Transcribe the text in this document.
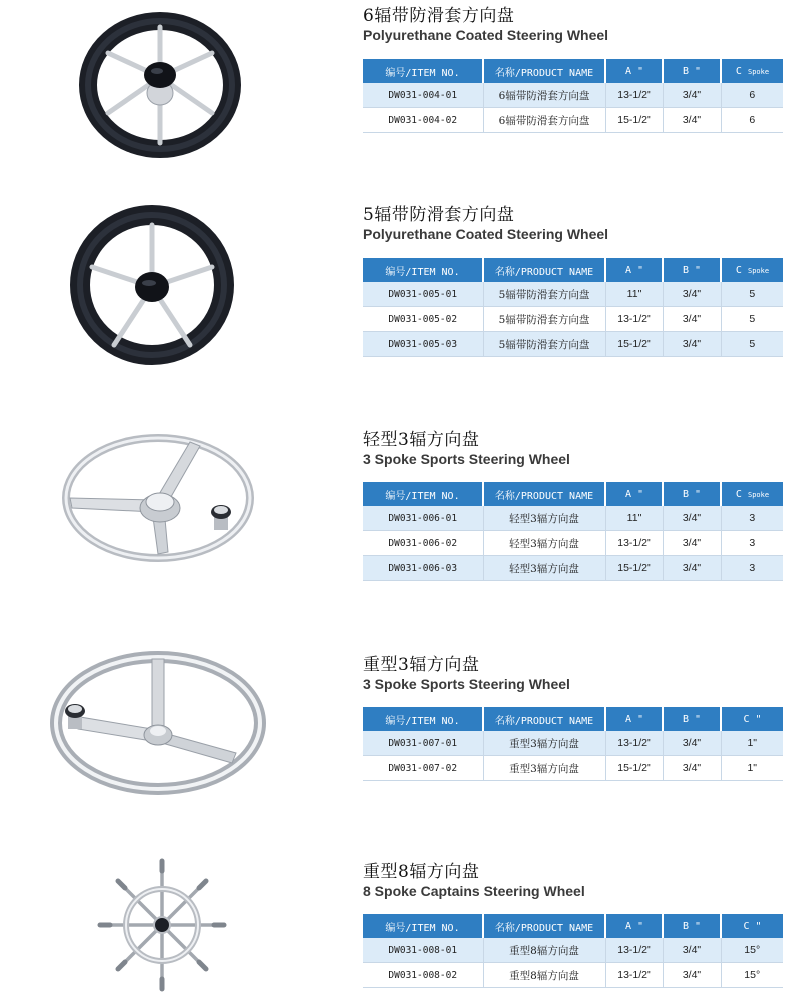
6辐带防滑套方向盘
Polyurethane Coated Steering Wheel
编号/ITEM NO.	名称/PRODUCT NAME	A "	B "	C Spoke
DW031-004-01	6辐带防滑套方向盘	13-1/2"	3/4"	6
DW031-004-02	6辐带防滑套方向盘	15-1/2"	3/4"	6
5辐带防滑套方向盘
Polyurethane Coated Steering Wheel
编号/ITEM NO.	名称/PRODUCT NAME	A "	B "	C Spoke
DW031-005-01	5辐带防滑套方向盘	11"	3/4"	5
DW031-005-02	5辐带防滑套方向盘	13-1/2"	3/4"	5
DW031-005-03	5辐带防滑套方向盘	15-1/2"	3/4"	5
轻型3辐方向盘
3 Spoke Sports Steering Wheel
编号/ITEM NO.	名称/PRODUCT NAME	A "	B "	C Spoke
DW031-006-01	轻型3辐方向盘	11"	3/4"	3
DW031-006-02	轻型3辐方向盘	13-1/2"	3/4"	3
DW031-006-03	轻型3辐方向盘	15-1/2"	3/4"	3
重型3辐方向盘
3 Spoke Sports Steering Wheel
编号/ITEM NO.	名称/PRODUCT NAME	A "	B "	C "
DW031-007-01	重型3辐方向盘	13-1/2"	3/4"	1"
DW031-007-02	重型3辐方向盘	15-1/2"	3/4"	1"
重型8辐方向盘
8 Spoke Captains Steering Wheel
编号/ITEM NO.	名称/PRODUCT NAME	A "	B "	C "
DW031-008-01	重型8辐方向盘	13-1/2"	3/4"	15°
DW031-008-02	重型8辐方向盘	13-1/2"	3/4"	15°
